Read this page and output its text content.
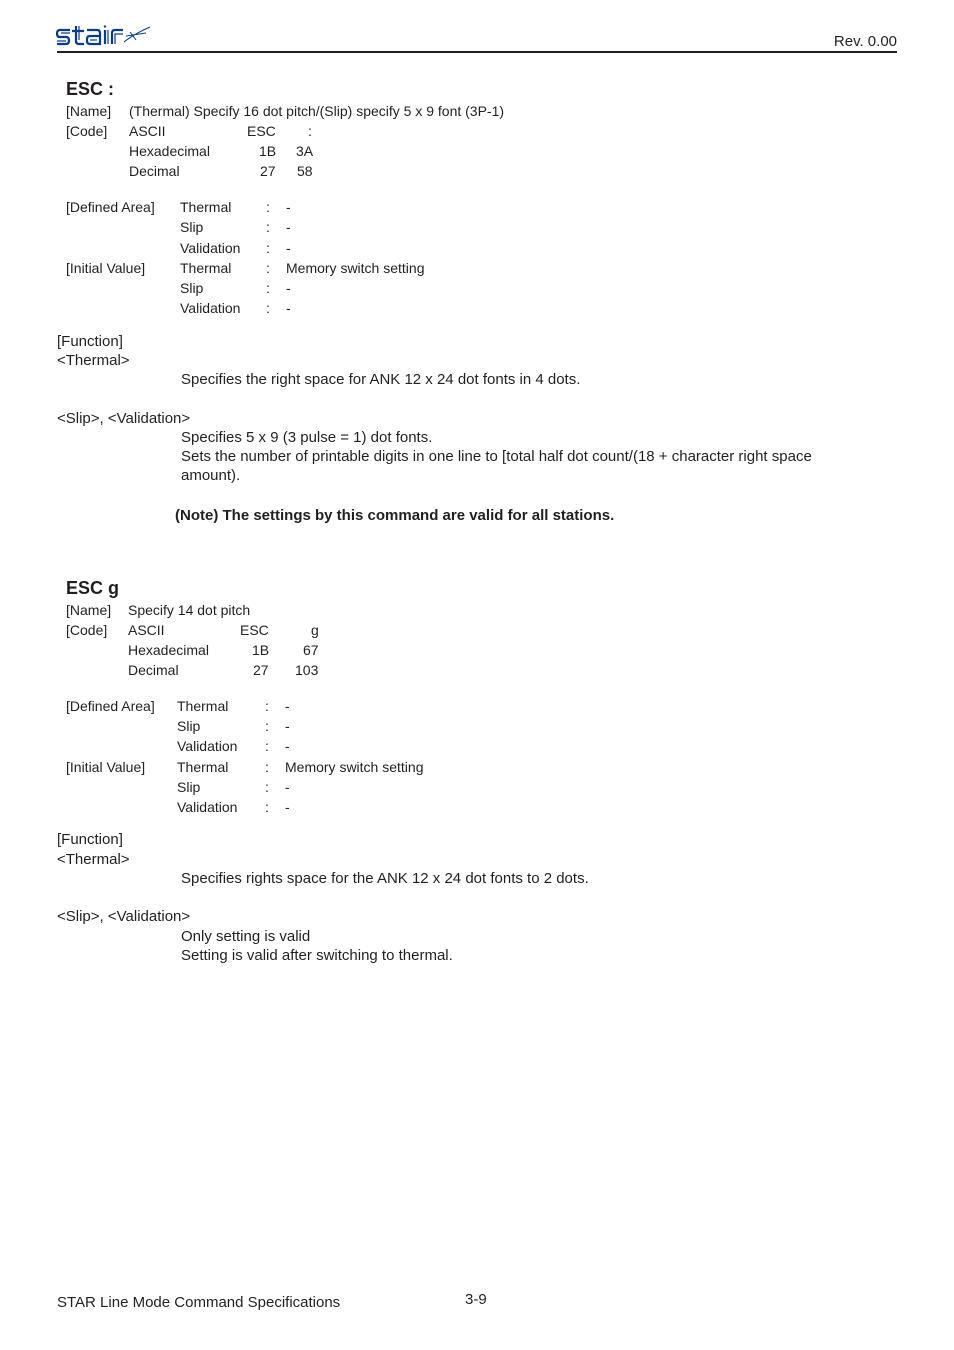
Rev. 0.00
ESC :
[Name] (Thermal) Specify 16 dot pitch/(Slip) specify 5 x 9 font (3P-1)
[Code] ASCII	ESC :
Hexadecimal	1B 3A
Decimal	27 58
[Defined Area] Thermal : -
Slip	: -
Validation : -
[Initial Value] Thermal : Memory switch setting
Slip	: -
Validation : -
[Function]
<Thermal>
Specifies the right space for ANK 12 x 24 dot fonts in 4 dots.
<Slip>, <Validation>
Specifies 5 x 9 (3 pulse = 1) dot fonts.
Sets the number of printable digits in one line to [total half dot count/(18 + character right space
amount).
(Note) The settings by this command are valid for all stations.
ESC g
[Name] Specify 14 dot pitch
[Code] ASCII	ESC	g
Hexadecimal	1B 67
Decimal	27 103
[Defined Area] Thermal	: -
Slip	: -
Validation : -
[Initial Value] Thermal	: Memory switch setting
Slip	: -
Validation : -
[Function]
<Thermal>
Specifies rights space for the ANK 12 x 24 dot fonts to 2 dots.
<Slip>, <Validation>
Only setting is valid
Setting is valid after switching to thermal.
STAR Line Mode Command Specifications	3-9
